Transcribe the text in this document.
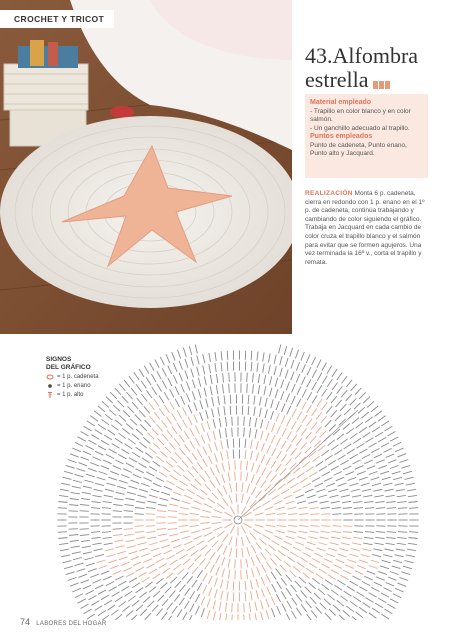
CROCHET Y TRICOT
43.Alfombra
estrella
Material empleado
- Trapillo en color blanco y en color salmón.
- Un ganchillo adecuado al trapillo.
Puntos empleados
Punto de cadeneta, Punto enano, Punto alto y Jacquard.
REALIZACIÓN Monta 6 p. cadeneta, cierra en redondo con 1 p. enano en el 1º p. de cadeneta, continúa trabajando y cambiando de color siguiendo el gráfico. Trabaja en Jacquard en cada cambio de color cruza el trapillo blanco y el salmón para evitar que se formen agujeros. Una vez terminada la 16ª v., corta el trapillo y remata.
SIGNOS
DEL GRÁFICO
= 1 p. cadeneta
= 1 p. enano
= 1 p. alto
74 LABORES DEL HOGAR
